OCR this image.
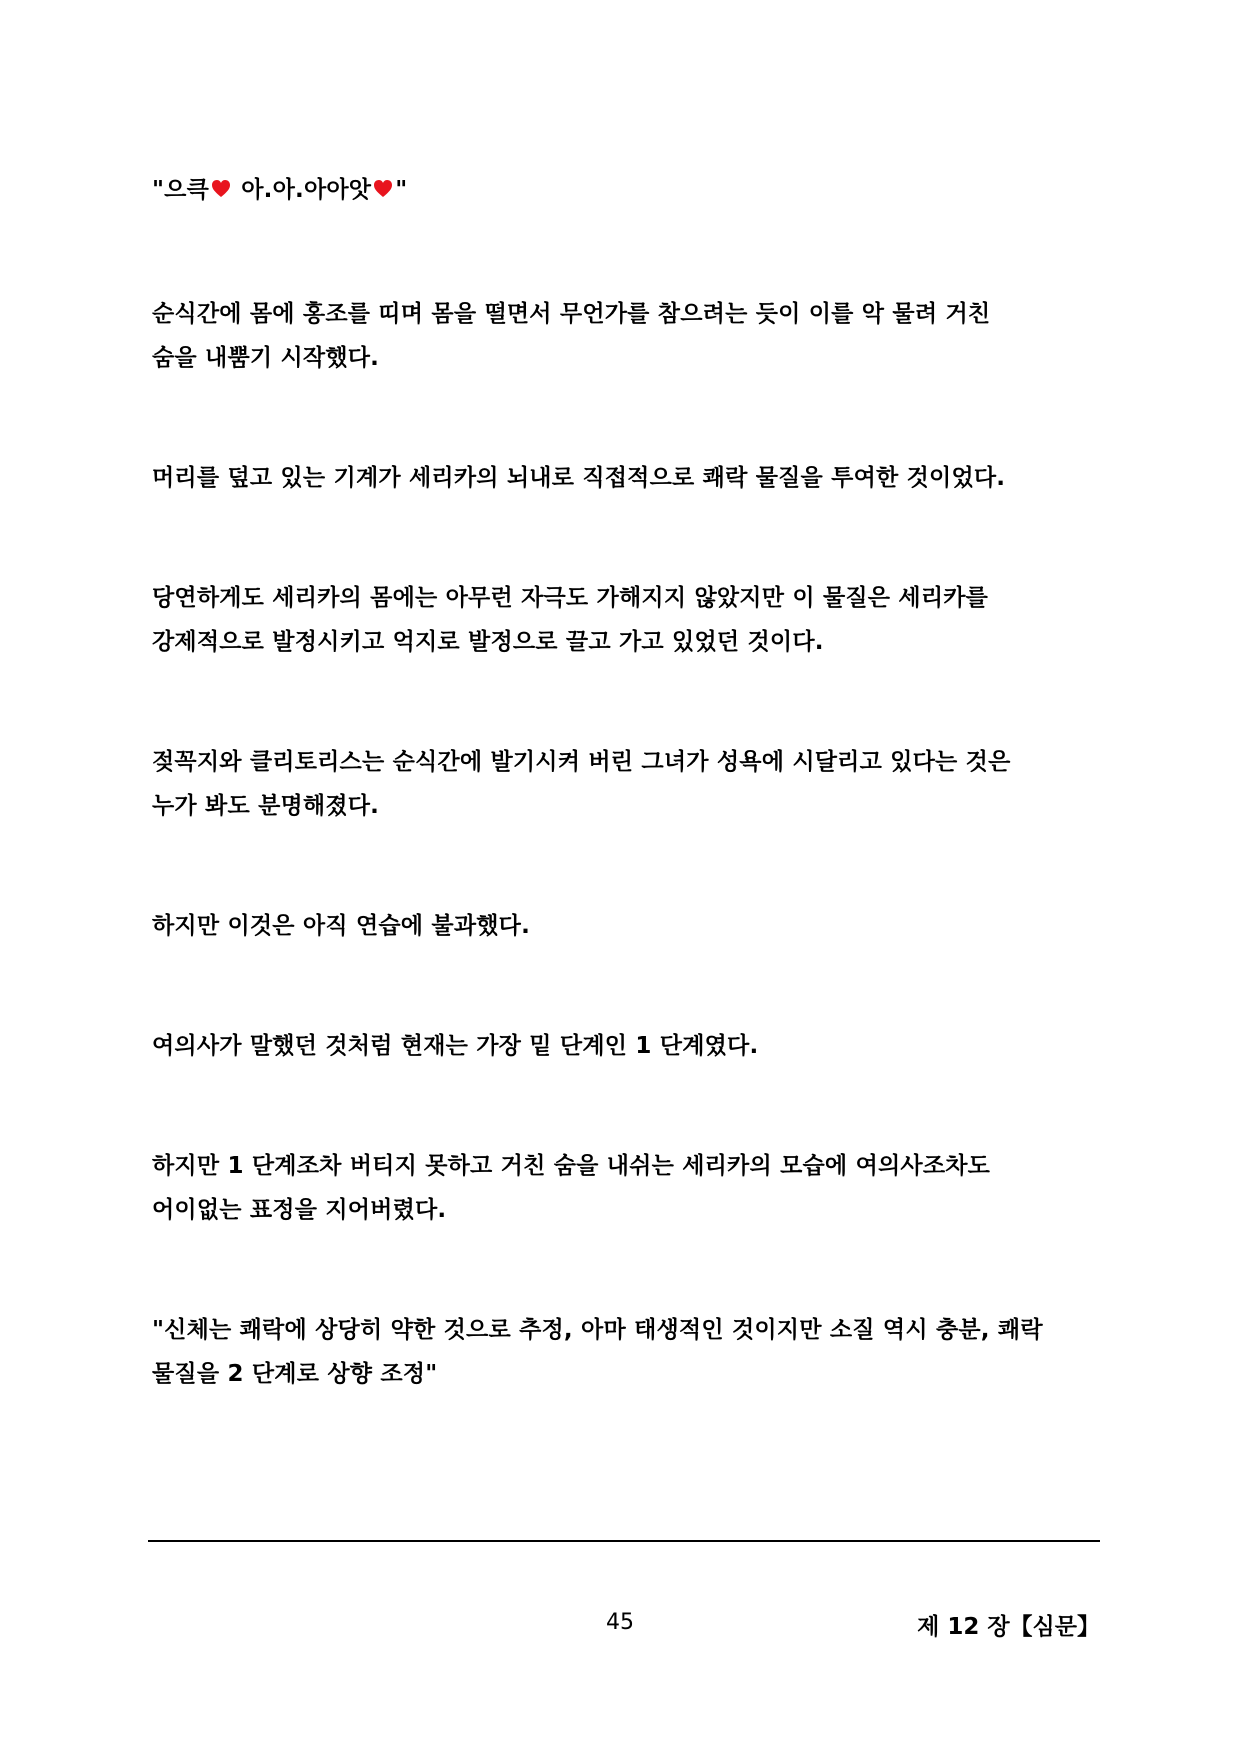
"으큭
아.아.아아앗 "

순식간에 몸에 홍조를 띠며 몸을 떨면서 무언가를 참으려는 듯이 이를 악 물려 거친
숨을 내뿜기 시작했다.

머리를 덮고 있는 기계가 세리카의 뇌내로 직접적으로 쾌락 물질을 투여한 것이었다.

당연하게도 세리카의 몸에는 아무런 자극도 가해지지 않았지만 이 물질은 세리카를
강제적으로 발정시키고 억지로 발정으로 끌고 가고 있었던 것이다.

젖꼭지와 클리토리스는 순식간에 발기시켜 버린 그녀가 성욕에 시달리고 있다는 것은
누가 봐도 분명해졌다.

하지만 이것은 아직 연습에 불과했다.

여의사가 말했던 것처럼 현재는 가장 밑 단계인 1 단계였다.

하지만 1 단계조차 버티지 못하고 거친 숨을 내쉬는 세리카의 모습에 여의사조차도
어이없는 표정을 지어버렸다.

"신체는 쾌락에 상당히 약한 것으로 추정, 아마 태생적인 것이지만 소질 역시 충분, 쾌락
물질을 2 단계로 상향 조정"

45	제 12 장【심문】
